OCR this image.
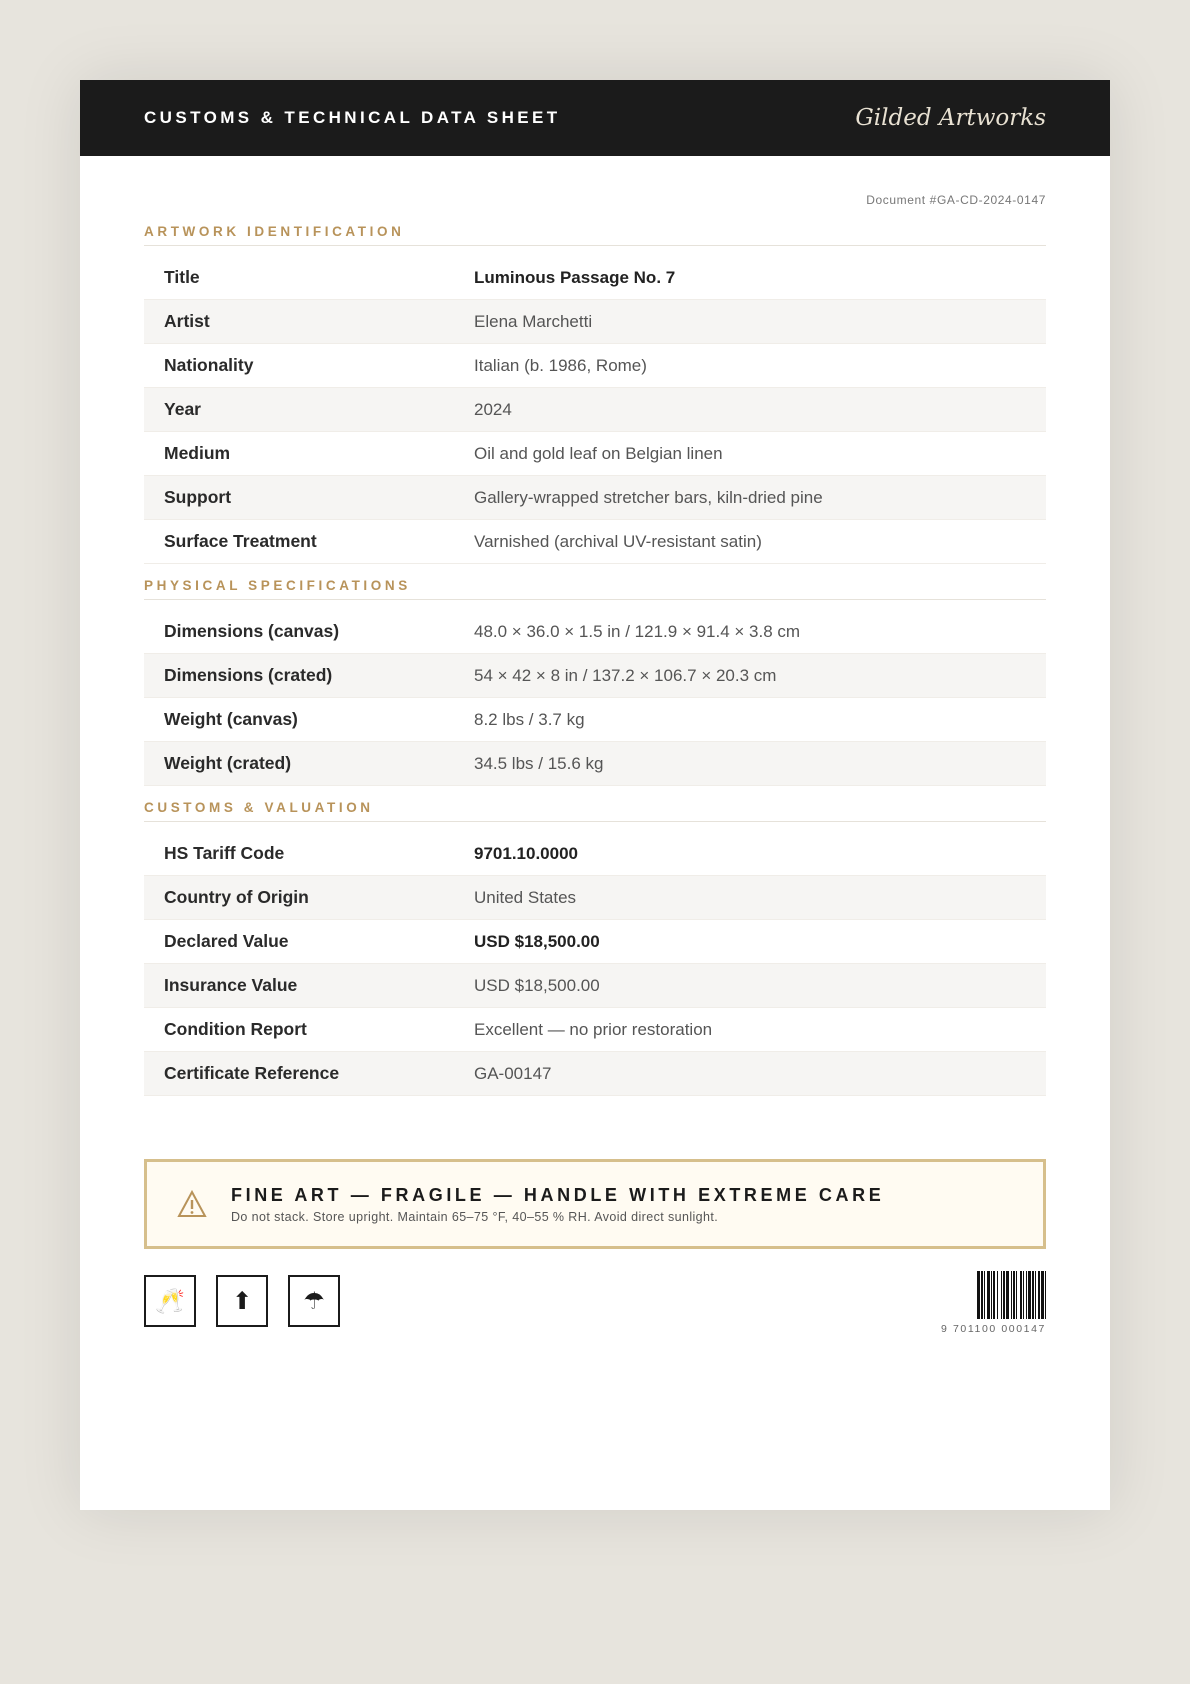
CUSTOMS & TECHNICAL DATA SHEET	Gilded Artworks
Document #GA-CD-2024-0147
ARTWORK IDENTIFICATION
Title	Luminous Passage No. 7
Artist	Elena Marchetti
Nationality	Italian (b. 1986, Rome)
Year	2024
Medium	Oil and gold leaf on Belgian linen
Support	Gallery-wrapped stretcher bars, kiln-dried pine
Surface Treatment	Varnished (archival UV-resistant satin)
PHYSICAL SPECIFICATIONS
Dimensions (canvas)	48.0 × 36.0 × 1.5 in / 121.9 × 91.4 × 3.8 cm
Dimensions (crated)	54 × 42 × 8 in / 137.2 × 106.7 × 20.3 cm
Weight (canvas)	8.2 lbs / 3.7 kg
Weight (crated)	34.5 lbs / 15.6 kg
CUSTOMS & VALUATION
HS Tariff Code	9701.10.0000
Country of Origin	United States
Declared Value	USD $18,500.00
Insurance Value	USD $18,500.00
Condition Report	Excellent — no prior restoration
Certificate Reference	GA-00147
FINE ART — FRAGILE — HANDLE WITH EXTREME CARE
Do not stack. Store upright. Maintain 65–75 °F, 40–55 % RH. Avoid direct sunlight.
🥂	⬆	☂
9 701100 000147
